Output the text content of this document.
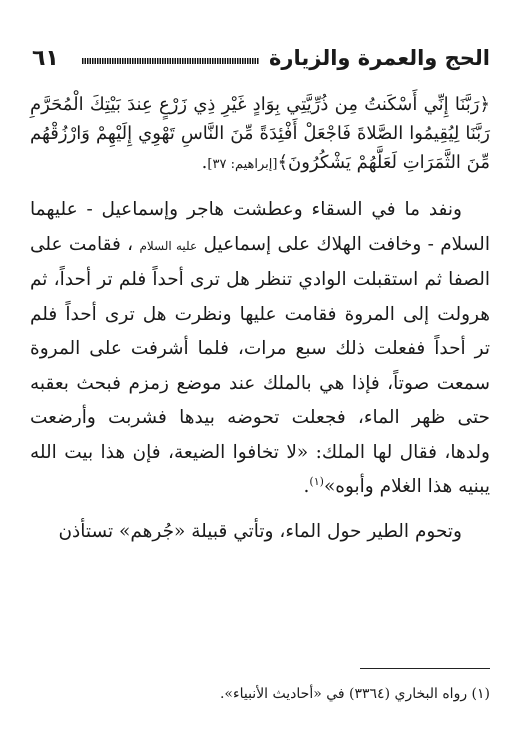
٦١	الحج والعمرة والزيارة

﴿رَبَّنَا إِنِّي أَسْكَنتُ مِن ذُرِّيَّتِي بِوَادٍ غَيْرِ ذِي زَرْعٍ عِندَ بَيْتِكَ الْمُحَرَّمِ رَبَّنَا لِيُقِيمُوا الصَّلاةَ فَاجْعَلْ أَفْئِدَةً مِّنَ النَّاسِ تَهْوِي إِلَيْهِمْ وَارْزُقْهُم مِّنَ الثَّمَرَاتِ لَعَلَّهُمْ يَشْكُرُونَ﴾[إبراهيم: ٣٧].

ونفد ما في السقاء وعطشت هاجر وإسماعيل - عليهما السلام - وخافت الهلاك على إسماعيل عليه السلام ، فقامت على الصفا ثم استقبلت الوادي تنظر هل ترى أحداً فلم تر أحداً، ثم هرولت إلى المروة فقامت عليها ونظرت هل ترى أحداً فلم تر أحداً ففعلت ذلك سبع مرات، فلما أشرفت على المروة سمعت صوتاً، فإذا هي بالملك عند موضع زمزم فبحث بعقبه حتى ظهر الماء، فجعلت تحوضه بيدها فشربت وأرضعت ولدها، فقال لها الملك: «لا تخافوا الضيعة، فإن هذا بيت الله يبنيه هذا الغلام وأبوه»$^{(١)}$.

وتحوم الطير حول الماء، وتأتي قبيلة «جُرهم» تستأذن

(١) رواه البخاري (٣٣٦٤) في «أحاديث الأنبياء».
